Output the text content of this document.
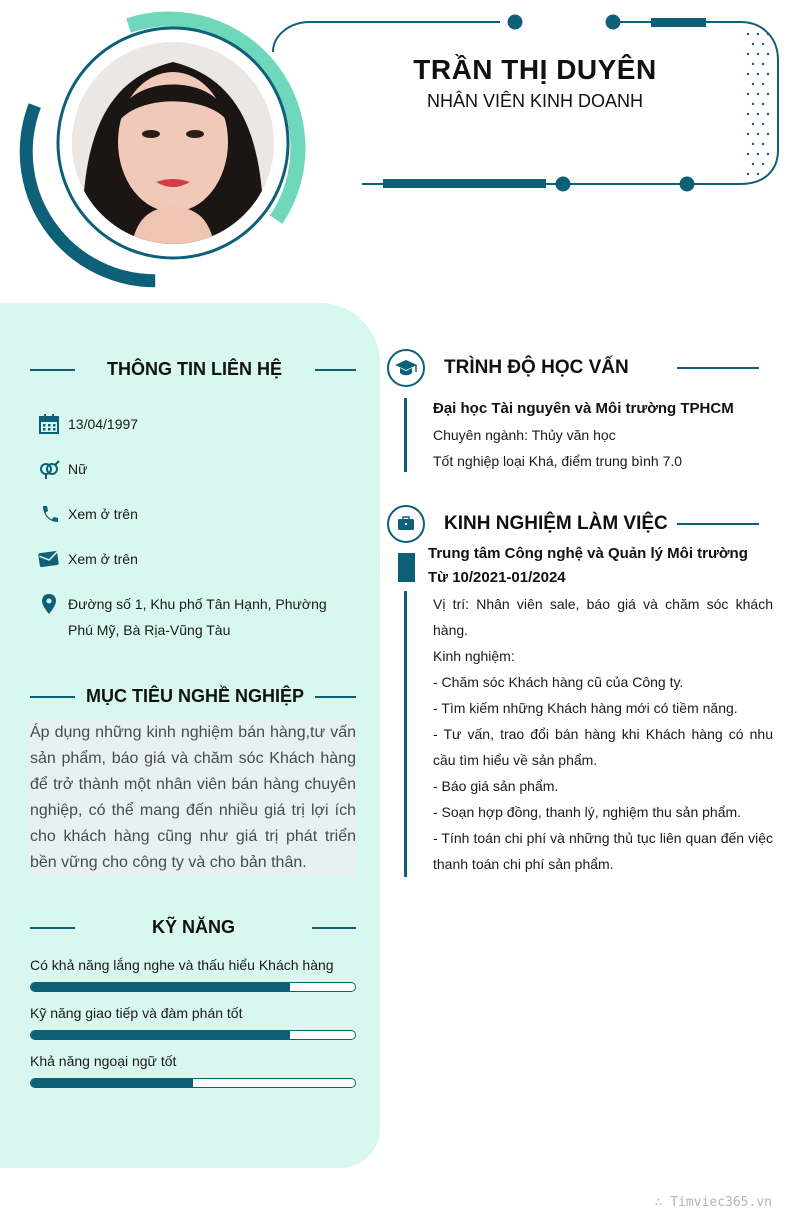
TRẦN THỊ DUYÊN
NHÂN VIÊN KINH DOANH
THÔNG TIN LIÊN HỆ
13/04/1997
Nữ
Xem ở trên
Xem ở trên
Đường số 1, Khu phố Tân Hạnh, Phường Phú Mỹ, Bà Rịa-Vũng Tàu
MỤC TIÊU NGHỀ NGHIỆP
Áp dụng những kinh nghiệm bán hàng,tư vấn sản phẩm, báo giá và chăm sóc Khách hàng để trở thành một nhân viên bán hàng chuyên nghiệp, có thể mang đến nhiều giá trị lợi ích cho khách hàng cũng như giá trị phát triển bền vững cho công ty và cho bản thân.
KỸ NĂNG
Có khả năng lắng nghe và thấu hiểu Khách hàng
Kỹ năng giao tiếp và đàm phán tốt
Khả năng ngoại ngữ tốt
TRÌNH ĐỘ HỌC VẤN
Đại học Tài nguyên và Môi trường TPHCM
Chuyên ngành: Thủy văn học
Tốt nghiệp loại Khá, điểm trung bình 7.0
KINH NGHIỆM LÀM VIỆC
Trung tâm Công nghệ và Quản lý Môi trường
Từ 10/2021-01/2024
Vị trí: Nhân viên sale, báo giá và chăm sóc khách hàng.
Kinh nghiệm:
- Chăm sóc Khách hàng cũ của Công ty.
- Tìm kiếm những Khách hàng mới có tiềm năng.
- Tư vấn, trao đổi bán hàng khi Khách hàng có nhu cầu tìm hiểu về sản phẩm.
- Báo giá sản phẩm.
- Soạn hợp đồng, thanh lý, nghiệm thu sản phẩm.
- Tính toán chi phí và những thủ tục liên quan đến việc thanh toán chi phí sản phẩm.
∴ Timviec365.vn
